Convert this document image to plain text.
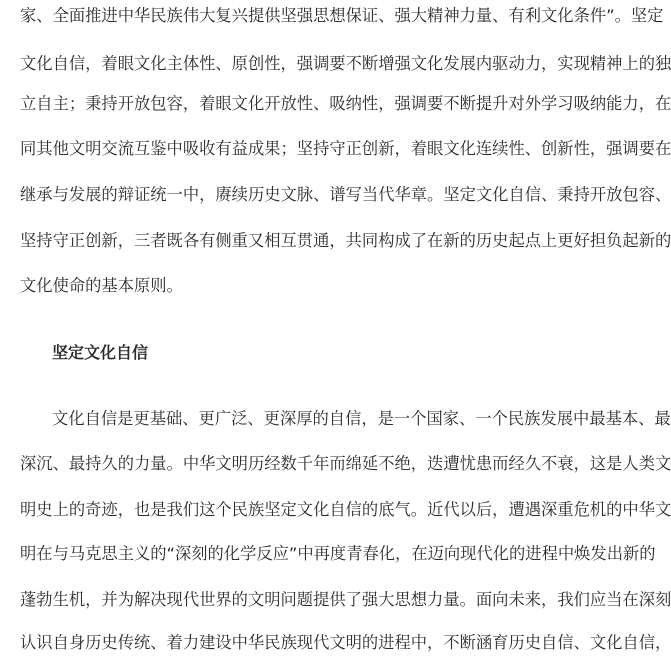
家、全面推进中华民族伟大复兴提供坚强思想保证、强大精神力量、有利文化条件”。坚定
文化自信，着眼文化主体性、原创性，强调要不断增强文化发展内驱动力，实现精神上的独
立自主；秉持开放包容，着眼文化开放性、吸纳性，强调要不断提升对外学习吸纳能力，在
同其他文明交流互鉴中吸收有益成果；坚持守正创新，着眼文化连续性、创新性，强调要在
继承与发展的辩证统一中，赓续历史文脉、谱写当代华章。坚定文化自信、秉持开放包容、
坚持守正创新，三者既各有侧重又相互贯通，共同构成了在新的历史起点上更好担负起新的
文化使命的基本原则。
坚定文化自信
文化自信是更基础、更广泛、更深厚的自信，是一个国家、一个民族发展中最基本、最
深沉、最持久的力量。中华文明历经数千年而绵延不绝，迭遭忧患而经久不衰，这是人类文
明史上的奇迹，也是我们这个民族坚定文化自信的底气。近代以后，遭遇深重危机的中华文
明在与马克思主义的“深刻的化学反应”中再度青春化，在迈向现代化的进程中焕发出新的
蓬勃生机，并为解决现代世界的文明问题提供了强大思想力量。面向未来，我们应当在深刻
认识自身历史传统、着力建设中华民族现代文明的进程中，不断涵育历史自信、文化自信，
